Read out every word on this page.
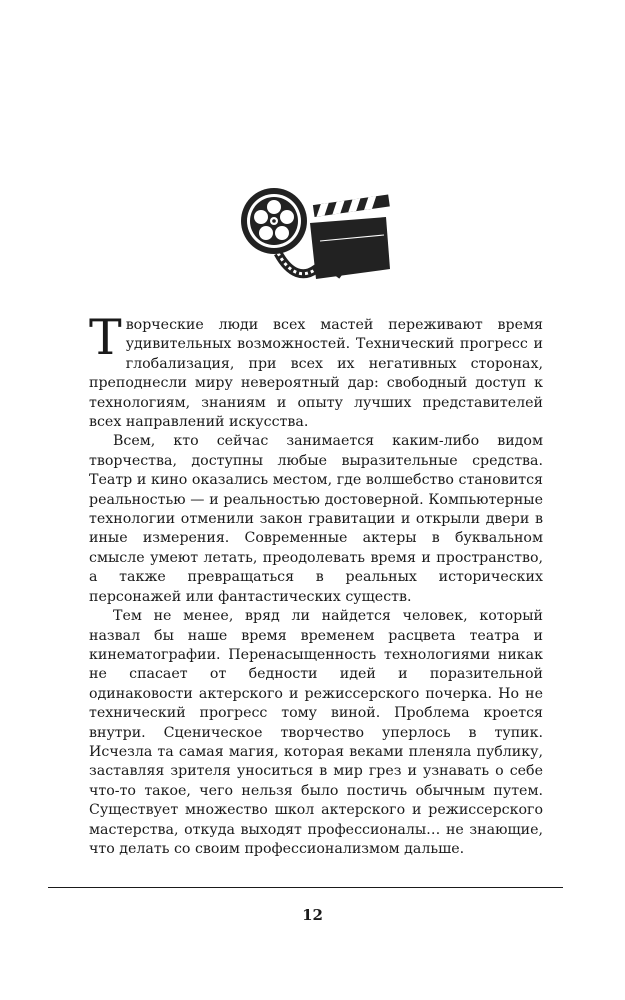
Творческие люди всех мастей переживают время удивительных возможностей. Технический прогресс и глобализация, при всех их негативных сторонах, преподнесли миру невероятный дар: свободный доступ к технологиям, знаниям и опыту лучших представителей всех направлений искусства.

Всем, кто сейчас занимается каким-либо видом творчества, доступны любые выразительные средства. Театр и кино оказались местом, где волшебство становится реальностью — и реальностью достоверной. Компьютерные технологии отменили закон гравитации и открыли двери в иные измерения. Современные актеры в буквальном смысле умеют летать, преодолевать время и пространство, а также превращаться в реальных исторических персонажей или фантастических существ.

Тем не менее, вряд ли найдется человек, который назвал бы наше время временем расцвета театра и кинематографии. Перенасыщенность технологиями никак не спасает от бедности идей и поразительной одинаковости актерского и режиссерского почерка. Но не технический прогресс тому виной. Проблема кроется внутри. Сценическое творчество уперлось в тупик. Исчезла та самая магия, которая веками пленяла публику, заставляя зрителя уноситься в мир грез и узнавать о себе что-то такое, чего нельзя было постичь обычным путем. Существует множество школ актерского и режиссерского мастерства, откуда выходят профессионалы… не знающие, что делать со своим профессионализмом дальше.

12
